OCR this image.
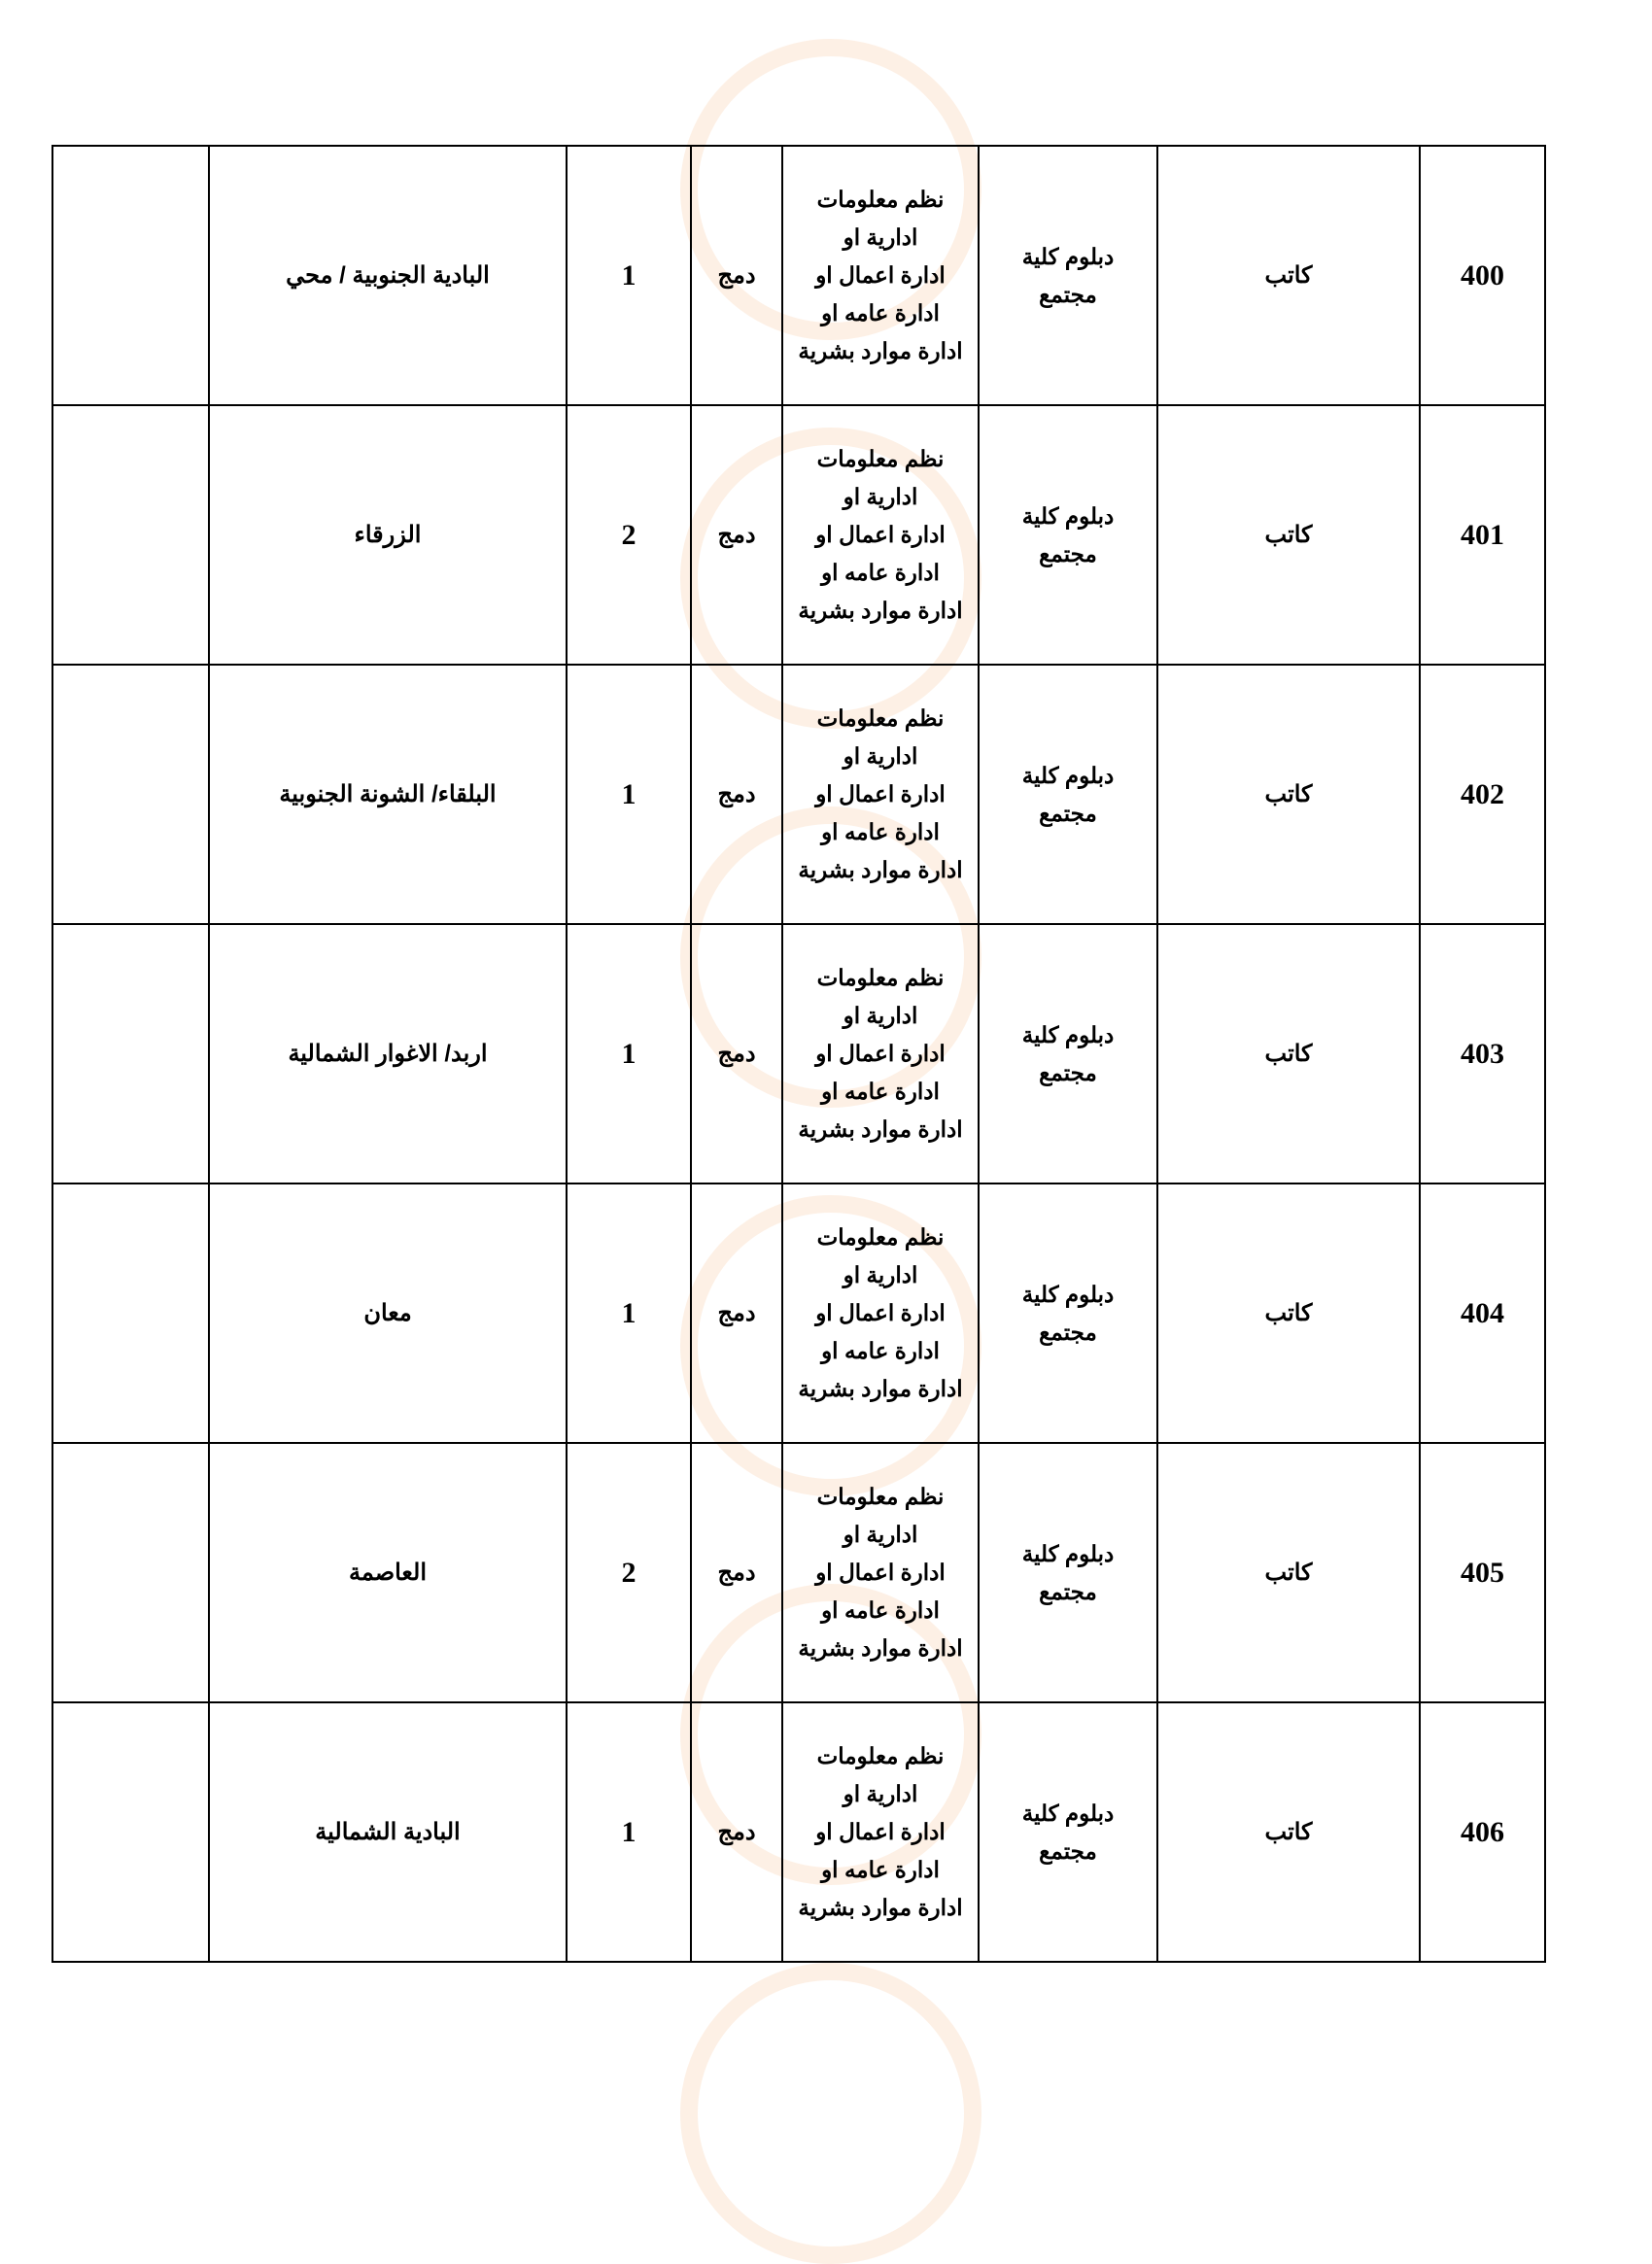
	البادية الجنوبية / محي	1	دمج	نظم معلومات
ادارية او
ادارة اعمال او
ادارة عامه او
ادارة موارد بشرية	دبلوم كلية
مجتمع	كاتب	400
	الزرقاء	2	دمج	نظم معلومات
ادارية او
ادارة اعمال او
ادارة عامه او
ادارة موارد بشرية	دبلوم كلية
مجتمع	كاتب	401
	البلقاء/ الشونة الجنوبية	1	دمج	نظم معلومات
ادارية او
ادارة اعمال او
ادارة عامه او
ادارة موارد بشرية	دبلوم كلية
مجتمع	كاتب	402
	اربد/ الاغوار الشمالية	1	دمج	نظم معلومات
ادارية او
ادارة اعمال او
ادارة عامه او
ادارة موارد بشرية	دبلوم كلية
مجتمع	كاتب	403
	معان	1	دمج	نظم معلومات
ادارية او
ادارة اعمال او
ادارة عامه او
ادارة موارد بشرية	دبلوم كلية
مجتمع	كاتب	404
	العاصمة	2	دمج	نظم معلومات
ادارية او
ادارة اعمال او
ادارة عامه او
ادارة موارد بشرية	دبلوم كلية
مجتمع	كاتب	405
	البادية الشمالية	1	دمج	نظم معلومات
ادارية او
ادارة اعمال او
ادارة عامه او
ادارة موارد بشرية	دبلوم كلية
مجتمع	كاتب	406
